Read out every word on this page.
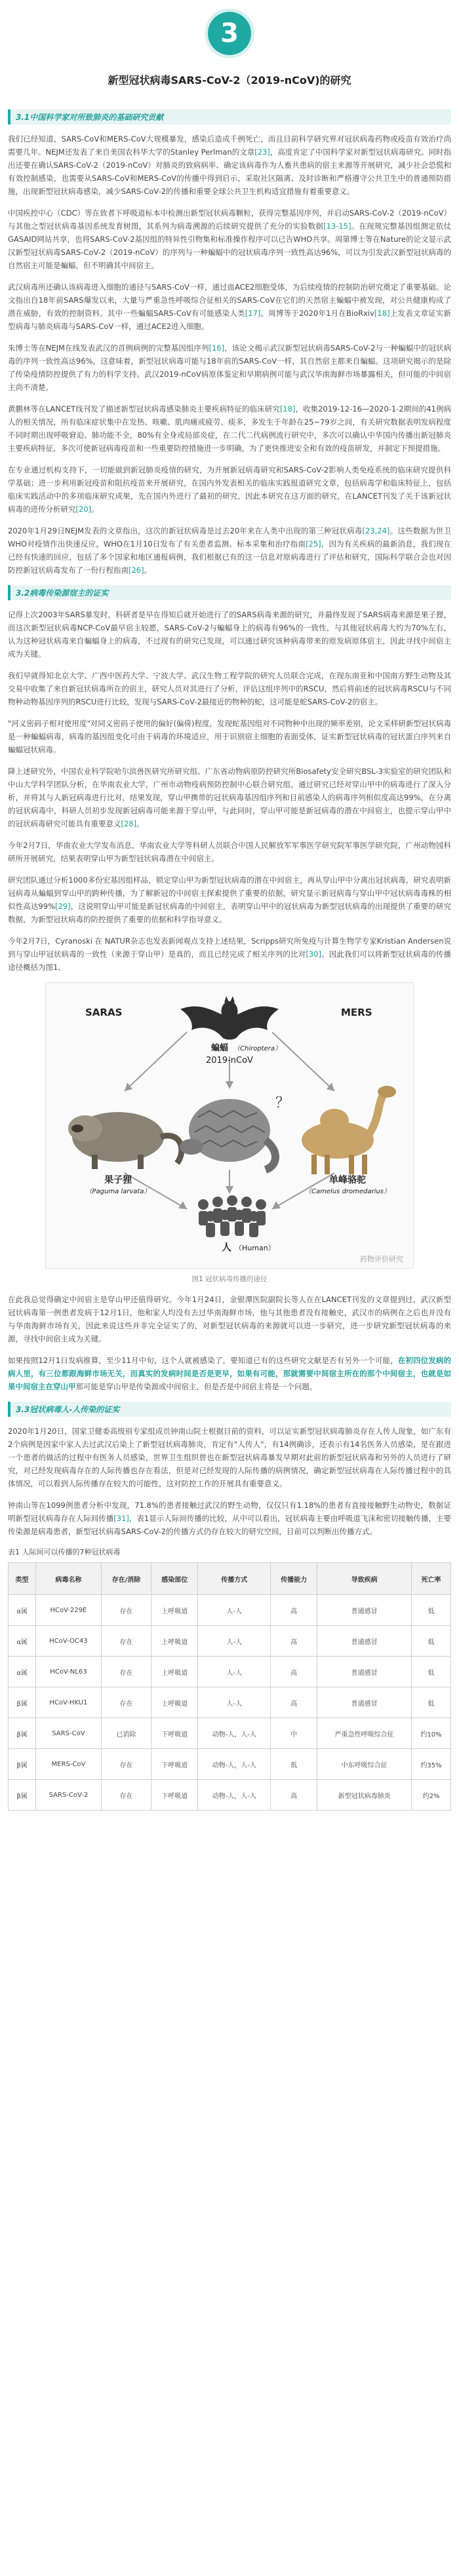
3
新型冠状病毒SARS-CoV-2（2019-nCoV)的研究
3.1中国科学家对所致肺炎的基础研究贡献

我们已经知道，SARS-CoV和MERS-CoV大规模暴发，感染后造成千例死亡，而且目前科学研究界对冠状病毒药物或疫苗有效治疗尚需要几年。NEJM还发表了来自美国农科华大学的Stanley Perlman的文章[23]，高度肯定了中国科学家对新型冠状病毒研究。同时指出还要在确认SARS-CoV-2（2019-nCoV）对肺炎的致病病率、确定该病毒作为人畜共患病的宿主来源等开展研究，减少社会恐慌和有效控制感染，也需要从SARS-CoV和MERS-CoV的传播中得到启示，采取社区隔离、及时诊断和严格遵守公共卫生中的普通预防措施，出现新型冠状病毒感染，减少SARS-CoV-2的传播和重要全球公共卫生机构适宜措施有着重要意义。

中国疾控中心（CDC）等在致者下呼吸道标本中检测出新型冠状病毒颗粒，获得完整基因序列，并启动SARS-CoV-2（2019-nCoV）与其他之型冠状病毒基因系统发育树图，其系列为病毒溯源的后续研究提供了充分的实验数据[13-15]。在现规完整基因组测定依仗GASAID网站共享，也将SARS-CoV-2基因组的特异性引物集和标准操作程序可以已告WHO共享。周第博士等在Nature的论文显示武汉新型冠状病毒SARS-CoV-2（2019-nCoV）的序列与一种蝙蝠中的冠状病毒序列一致性高达96%，可以为引发武汉新型冠状病毒的自然宿主可能是蝙蝠，但不明确其中间宿主。

武汉病毒所还确认该病毒进入细胞的通径与SARS-CoV一样，通过血ACE2细胞受体，为后续疫情的控制防治研究奠定了重要基础。论文指出自18年前SARS爆发以来，大量与严重急性呼吸综合征相关的SARS-CoV在它们的天然宿主蝙蝠中被发现，对公共健康构成了潜在威胁，有效的控制资料。其中一些蝙蝠SARS-CoV有可能感染人类[17]。周博等于2020年1月在BioRxiv[18]上发表文章证实新型病毒与肺炎病毒与SARS-CoV一样，通过ACE2进入细胞。

朱博士等在NEJM在线发表武汉的首例病例的完整基因组序列[16]，该论文揭示武汉新型冠状病毒SARS-CoV-2与一种蝙蝠中的冠状病毒的序列一致性高达96%，这意味着，新型冠状病毒可能与18年前的SARS-CoV一样，其自然宿主都来自蝙蝠。这项研究揭示的是除了传染疫情防控提供了有力的科学支持。武汉2019-nCoV病原体鉴定和早期病例可能与武汉华南海鲜市场暴露相关，但可能的中间宿主尚不清楚。

黄鹏林等在LANCET线刊发了描述新型冠状病毒感染肺炎主要疾病特征的临床研究[18]，收集2019-12-16—2020-1-2期间的41例病人的相关情况，所有临床症状集中在发热、咳嗽、肌肉痛或疲劳、痰多，多发生于年龄在25~79岁之间，有关研究数据表明发病程度不同时期出现呼吸窘迫、肺功能不全，80%有全身或局部炎症，在二代二代病例流行研究中，多次可以确认中华国内传播出新冠肺炎主要疾病特征，多次可使新冠病毒疫苗和一些重要防控措施进一步明确，为了更快推进安全和有效的疫苗研发，并制定下预提措施。

在专业通过机构支持下，一切能做到新冠肺炎疫情的研究，为开展新冠病毒研究和SARS-CoV-2影响人类免疫系统的临床研究提供科学基础；进一步利用新冠疫苗和阻抗疫苗来开展研究，在国内外发表相关的临床实践报道研究文章，包括病毒学和临床特征上，包括临床实践活动中的多项临床研究成果，先在国内外进行了最初的研究，因此本研究在这方面的研究，在LANCET刊发了关于该新冠状病毒的进传分析研究[20]。

2020年1月29日NEJM发表的文章指出，这次的新冠状病毒是过去20年来在人类中出现的第三种冠状病毒[23,24]。这些数据为世卫WHO对疫情作出快速反应，WHO在1月10日发布了有关患者监测、标本采集和治疗指南[25]，因为有关疾病的最新消息，我们现在已经有快速的回应，包括了多个国家和地区通报病例，我们根据已有的这一信息对原病毒进行了评估和研究，国际科学联合会也对因防控新冠状病毒发布了一份行程指南[26]。

3.2病毒传染源宿主的证实

记得上次2003年SARS暴发时，科研者是早在得知后就开始进行了的SARS病毒来源的研究，并最终发现了SARS病毒来源是果子狸，而这次新型冠状病毒NCP-CoV最早宿主较愿，SARS-CoV-2与蝙蝠身上的病毒有96%的一致性，与其他冠状病毒大约为70%左右，认为这种冠状病毒来自蝙蝠身上的病毒，不过现有的研究已发现，可以通过研究该种病毒带来的原发病原体宿主，因此寻找中间宿主成为关键。

我们早就得知北京大学、广西中医药大学、宁波大学、武汉生物工程学院的研究人员联合完成，在现东南亚和中国南方野生动物及其交易中收集了来自新冠状病毒所在的宿主，研究人员对其进行了分析，评估这组序列中的RSCU，然后将前述的冠状病毒RSCU与不同物种动物基因序列的RSCU进行比较，发现与SARS-CoV-2最接近的物种的蛇，这可能是蛇SARS-CoV-2的宿主。

"河义密码子相对使用度"对同义密码子使用的偏好(偏倚)程度，发现蛇基因组对不同物种中出现的频率差别，论文采样研新型冠状病毒是一种蝙蝠病毒，病毒的基因组变化可由于病毒的环境适应，用于识别宿主细胞的表面受体，证实新型冠状病毒的冠状蛋白序列来自蝙蝠冠状病毒。

降上述研究外，中国农业科学院哈尔滨兽医研究所研究组、广东省动物病原防控研究所Biosafety安全研究BSL-3实验室的研究团队和中山大学科学团队分析，在华南农业大学，广州市动物疫病预防控制中心联合研究组，通过研究已经对穿山甲中的病毒进行了深入分析，并将其与人新冠病毒进行比对，结果发现，穿山甲携带的冠状病毒基因组序列和目前感染人的病毒序列相似度高达99%，在分离的冠状病毒中，科研人员初步发现新冠病毒可能来源于穿山甲，与此同时，穿山甲可能是新冠病毒的潜在中间宿主，也提示穿山甲中的冠状病毒研究可能具有重要意义[28]。

今年2月7日，华南农业大学发布消息，华南农业大学等科研人员联合中国人民解放军军事医学研究院军事医学研究院，广州动物园科研所开展研究，结果表明穿山甲为新型冠状病毒潜在中间宿主。

研究团队通过分析1000多份宏基因组样品，锁定穿山甲为新型冠状病毒的潜在中间宿主，再从穿山甲中分离出冠状病毒，研究表明新冠病毒从蝙蝠到穿山甲的跨种传播，为了解新冠的中间宿主探索提供了重要的依据，研究显示新冠病毒与穿山甲中冠状病毒毒株的相似性高达99%[29]，这说明穿山甲可能是新冠状病毒的中间宿主，表明穿山甲中的冠状病毒为新型冠状病毒的出现提供了重要的研究数据，为新型冠状病毒的防控提供了重要的依据和科学指导意义。

今年2月7日，Cyranoski 在 NATUR杂志也发表新闻观点支持上述结果，Scripps研究所免疫与计算生物学专家Kristian Andersen说到与穿山甲冠状病毒的一致性（来源于穿山甲）是真的，而且已经完成了相关序列的比对[30]。因此我们可以将新型冠状病毒的传播途径概括为图1。

SARAS	MERS
蝙蝠 （Chiroptera）
2019-nCoV
？
果子狸
（Paguma larvata）
单峰骆驼
（Camelus dromedarius）
人 （Human）
药物评价研究
图1 冠状病毒传播的途径

在此我总觉得确定中间宿主是穿山甲还值得研究。今年1月24日，金银潭医院副院长等人在在LANCET刊发的文章提到过，武汉新型冠状病毒第一例患者发病于12月1日，他和家人均没有去过华南海鲜市场，他与其他患者没有接触史，武汉市的病例在之后也并没有与华南海鲜市场有关，因此来说这些并非完全证实了的，对新型冠状病毒的来源就可以进一步研究，进一步研究新型冠状病毒的来源，寻找中间宿主成为关键。

如果按照12月1日发病推算，至少11月中旬，这个人就被感染了。要知道已有的这些研究文献是否有另外一个可能，在初四位发病的病人里，有三位都跟海鲜市场无关，而真实的发病时间是否是更早，如果有可能，那就需要中间宿主所在的那个中间宿主，也就是如果中间宿主在穿山甲那可能是穿山甲是传染源或中间宿主，但是否是中间宿主将是一个问题。

3.3冠状病毒人-人传染的证实

2020年1月20日，国家卫健委高级别专家组成员钟南山院士根据目前的资料，可以证实新型冠状病毒肺炎存在人传人现象，如广东有2个病例是因家中家人去过武汉后染上了新型冠状病毒肺炎，肯定有"人传人"，有14例确诊，还表示有14名医务人员感染，是在跟进一个患者的做活的过程中有医务人员感染，世界卫生组织曾也在新型冠状病毒暴发早期对此前的新型冠状病毒和另外的人员进行了研究，对已经发现病毒存在的人际传播也存在看法，但是对已经发现的人际传播的病例情况，确定新型冠状病毒在人际传播过程中的具体情况，可以看到人际传播存在较大的可能性，这对防控工作的开展具有重要意义。

钟南山等在1099例患者分析中发现，71.8%的患者接触过武汉的野生动物，仅仅只有1.18%的患者有直接接触野生动物史，数据证明新型冠状病毒存在人际间传播[31]，表1显示人际间传播的比较，从中可以看出，冠状病毒主要由呼吸道飞沫和密切接触传播，主要传染源是病毒患者，新型冠状病毒SARS-CoV-2的传播方式仍存在较大的研究空间，目前可以判断出传播方式。

表1 人际间可以传播的7种冠状病毒
类型	病毒名称	存在/消除	感染部位	传播方式	传播能力	导致疾病	死亡率
α属	HCoV-229E	存在	上呼吸道	人-人	高	普通感冒	低
α属	HCoV-OC43	存在	上呼吸道	人-人	高	普通感冒	低
α属	HCoV-NL63	存在	上呼吸道	人-人	高	普通感冒	低
β属	HCoV-HKU1	存在	上呼吸道	人-人	高	普通感冒	低
β属	SARS-CoV	已消除	下呼吸道	动物-人，人-人	中	严重急性呼吸综合征	约10%
β属	MERS-CoV	存在	下呼吸道	动物-人，人-人	低	中东呼吸综合征	约35%
β属	SARS-CoV-2	存在	下呼吸道	动物-人，人-人	高	新型冠状病毒肺炎	约2%
